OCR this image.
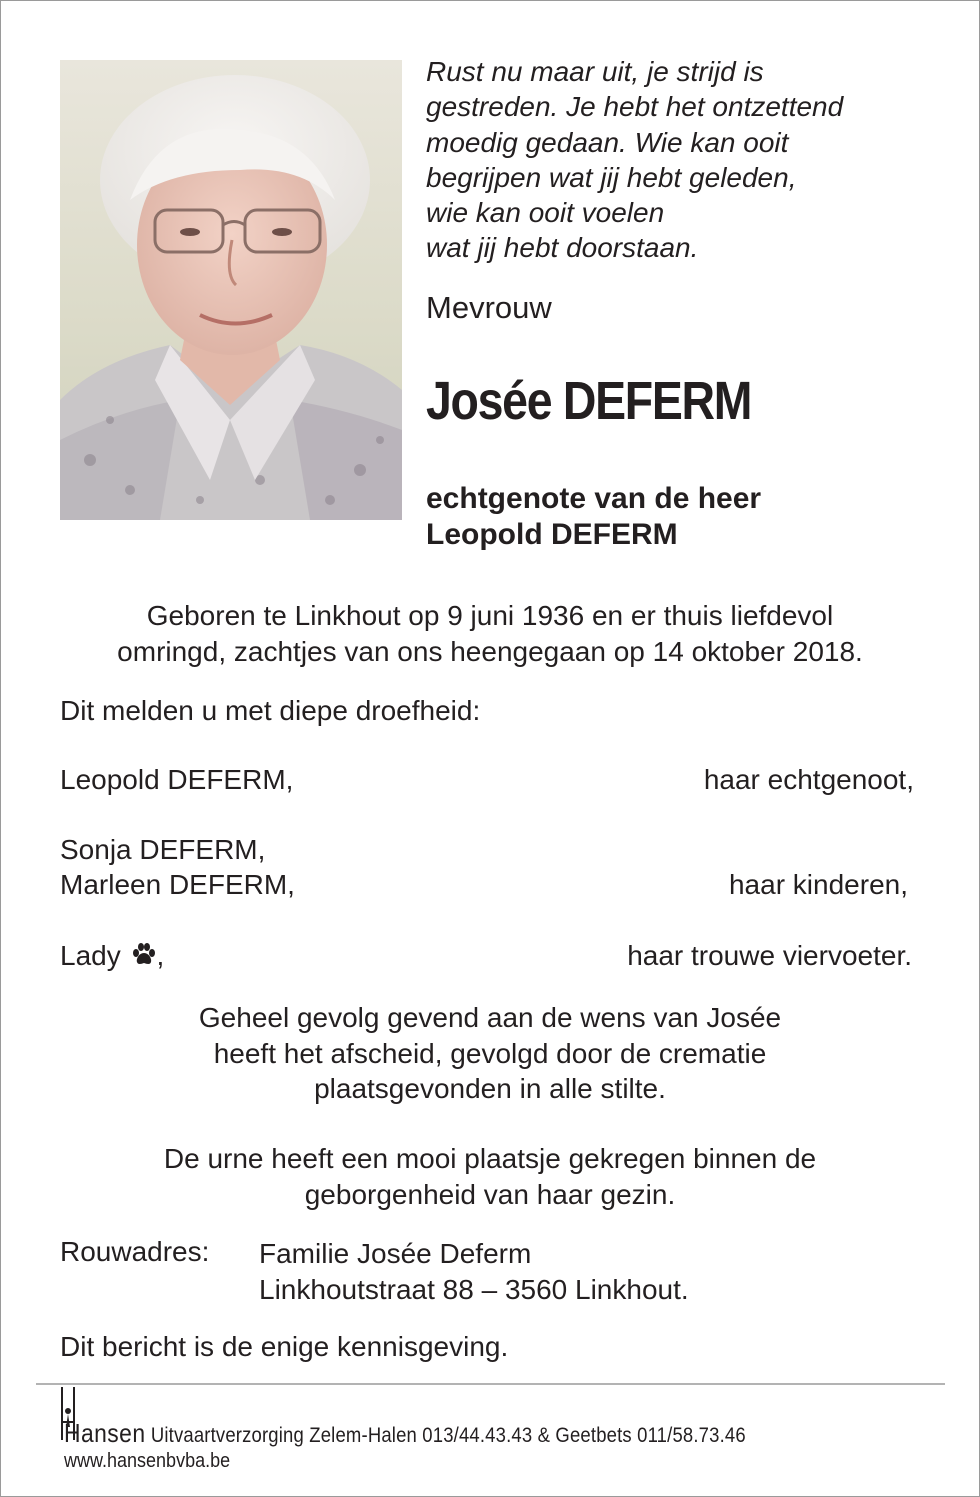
Rust nu maar uit, je strijd is
gestreden. Je hebt het ontzettend
moedig gedaan. Wie kan ooit
begrijpen wat jij hebt geleden,
wie kan ooit voelen
wat jij hebt doorstaan.
Mevrouw
Josée DEFERM
echtgenote van de heer
Leopold DEFERM
Geboren te Linkhout op 9 juni 1936 en er thuis liefdevol
omringd, zachtjes van ons heengegaan op 14 oktober 2018.
Dit melden u met diepe droefheid:
Leopold DEFERM,	haar echtgenoot,
Sonja DEFERM,
Marleen DEFERM,	haar kinderen,
Lady ,	haar trouwe viervoeter.
Geheel gevolg gevend aan de wens van Josée
heeft het afscheid, gevolgd door de crematie
plaatsgevonden in alle stilte.
De urne heeft een mooi plaatsje gekregen binnen de
geborgenheid van haar gezin.
Rouwadres: Familie Josée Deferm
Linkhoutstraat 88 – 3560 Linkhout.
Dit bericht is de enige kennisgeving.
Hansen Uitvaartverzorging Zelem-Halen 013/44.43.43 & Geetbets 011/58.73.46
www.hansenbvba.be
